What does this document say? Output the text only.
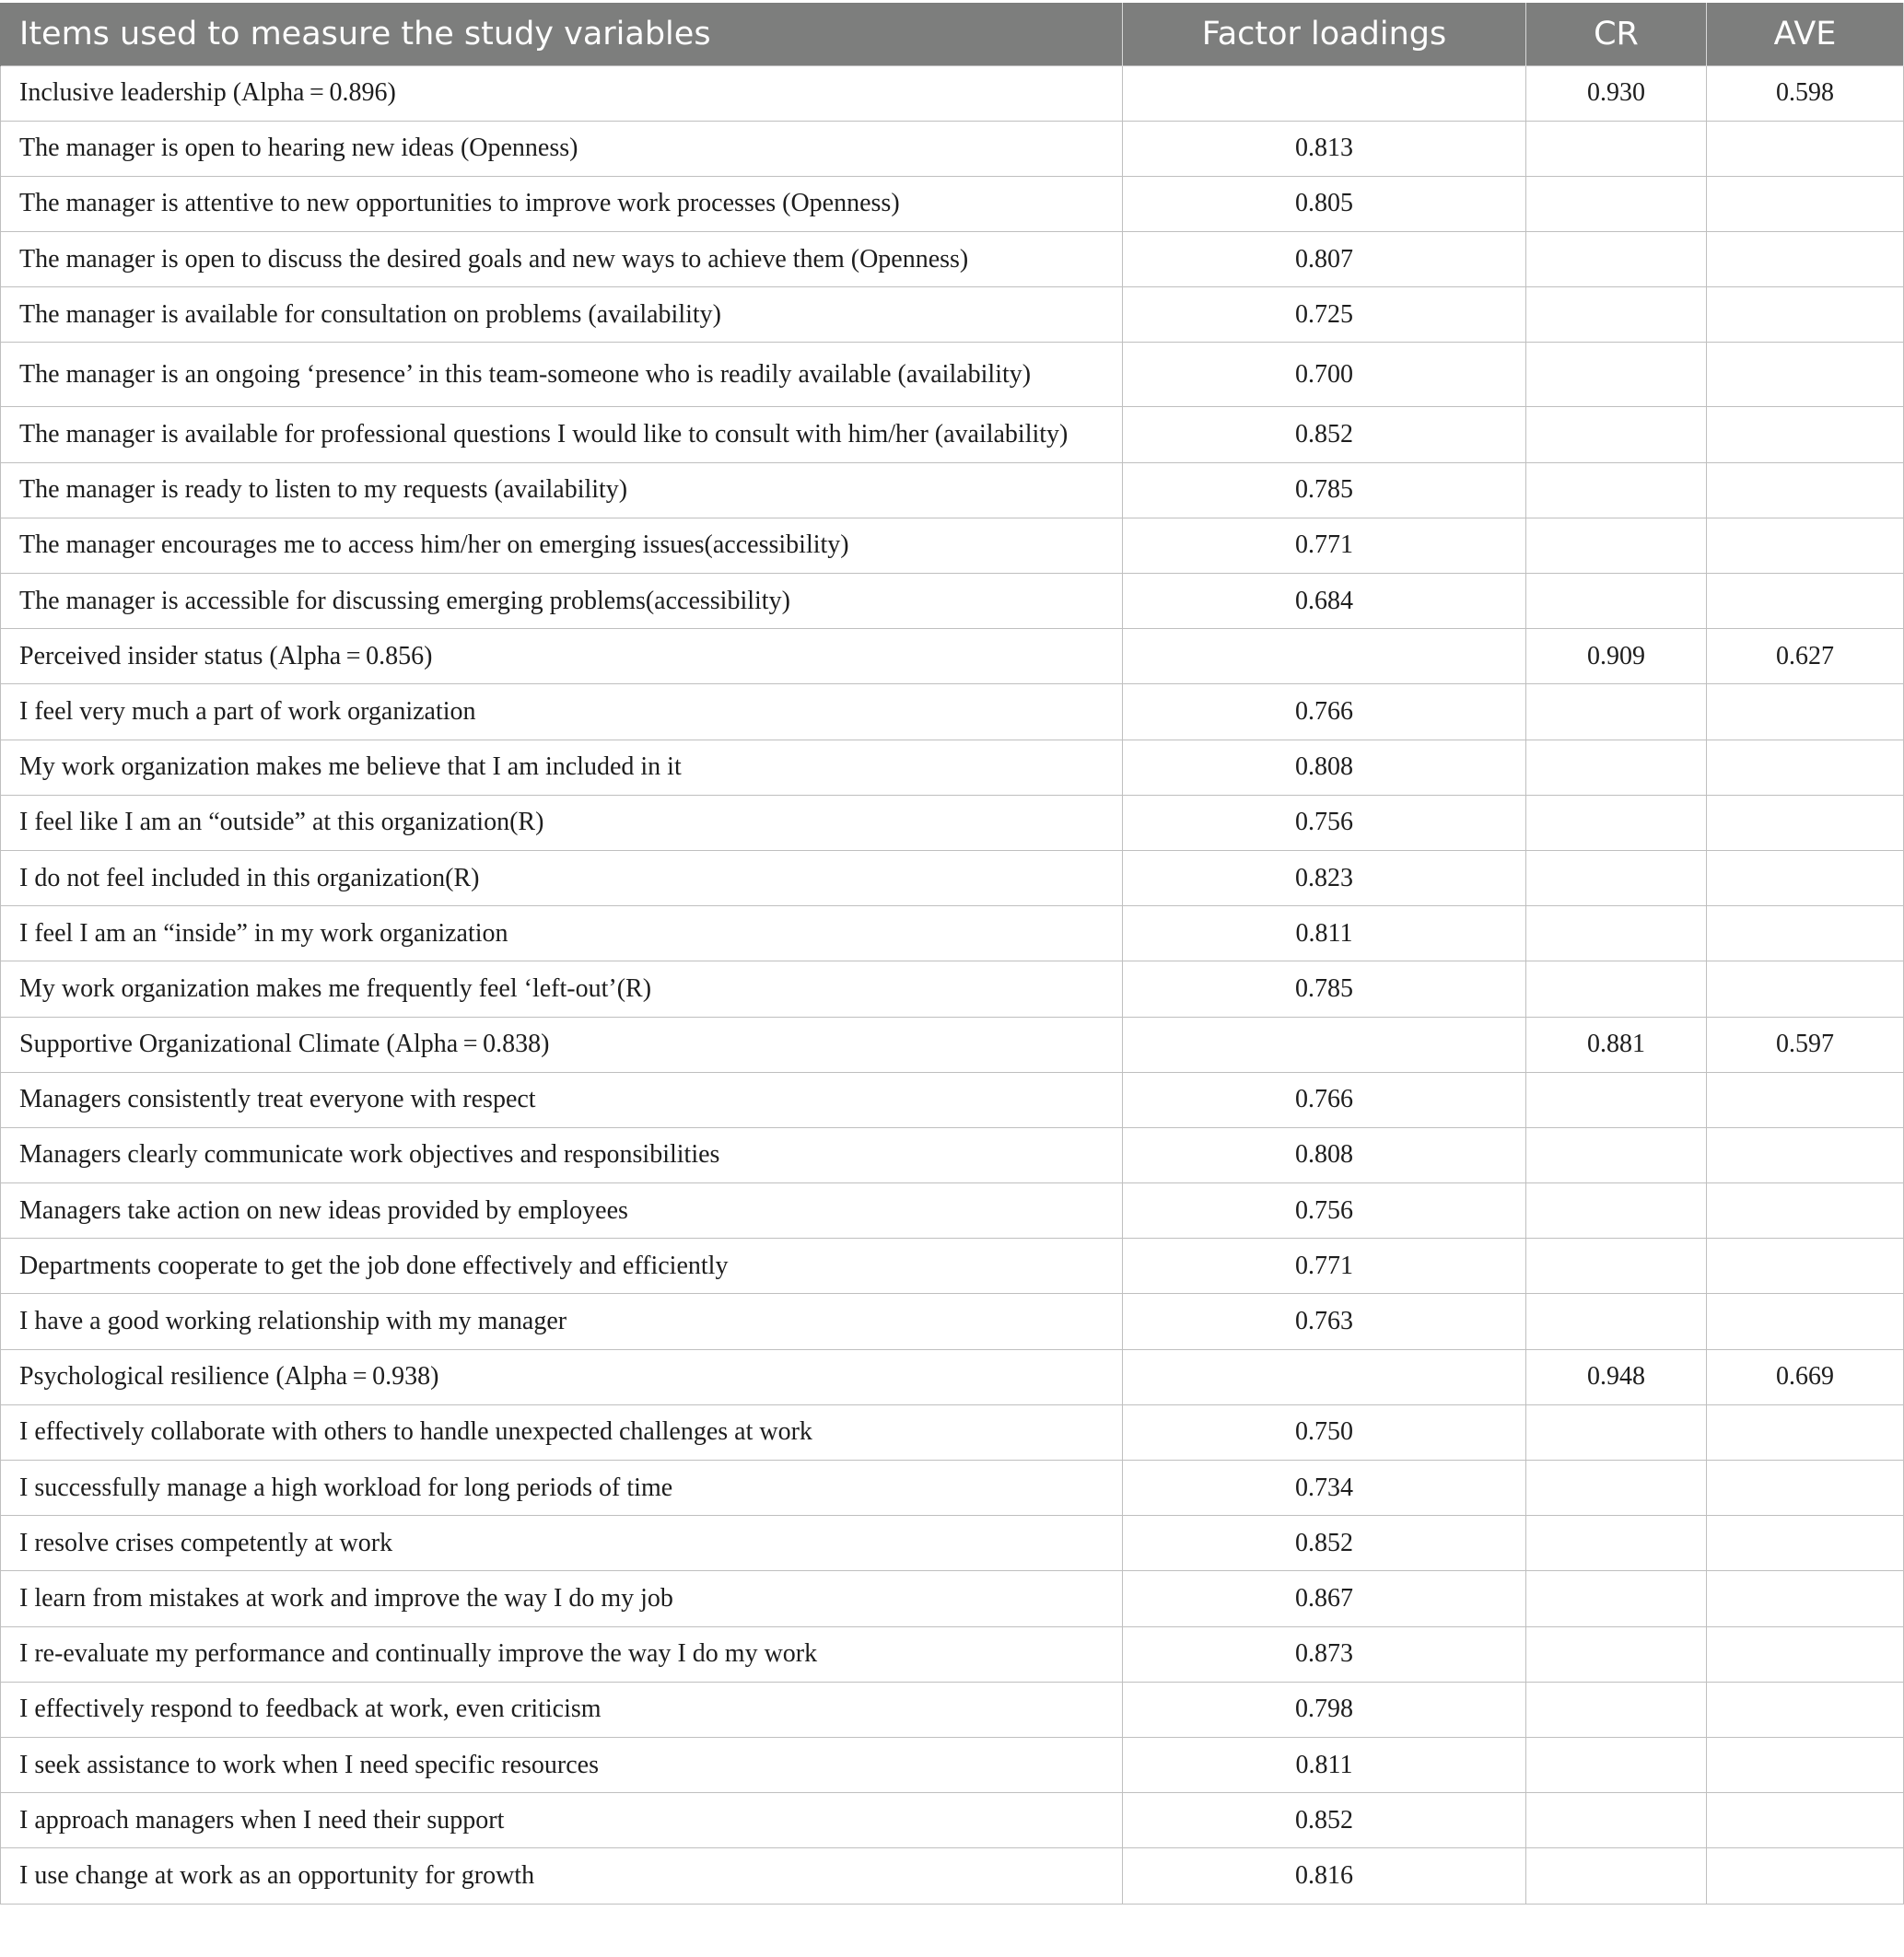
Items used to measure the study variables	Factor loadings	CR	AVE
Inclusive leadership (Alpha = 0.896)		0.930	0.598
The manager is open to hearing new ideas (Openness)	0.813		
The manager is attentive to new opportunities to improve work processes (Openness)	0.805		
The manager is open to discuss the desired goals and new ways to achieve them (Openness)	0.807		
The manager is available for consultation on problems (availability)	0.725		
The manager is an ongoing ‘presence’ in this team-someone who is readily available (availability)	0.700		
The manager is available for professional questions I would like to consult with him/her (availability)	0.852		
The manager is ready to listen to my requests (availability)	0.785		
The manager encourages me to access him/her on emerging issues(accessibility)	0.771		
The manager is accessible for discussing emerging problems(accessibility)	0.684		
Perceived insider status (Alpha = 0.856)		0.909	0.627
I feel very much a part of work organization	0.766		
My work organization makes me believe that I am included in it	0.808		
I feel like I am an “outside” at this organization(R)	0.756		
I do not feel included in this organization(R)	0.823		
I feel I am an “inside” in my work organization	0.811		
My work organization makes me frequently feel ‘left-out’(R)	0.785		
Supportive Organizational Climate (Alpha = 0.838)		0.881	0.597
Managers consistently treat everyone with respect	0.766		
Managers clearly communicate work objectives and responsibilities	0.808		
Managers take action on new ideas provided by employees	0.756		
Departments cooperate to get the job done effectively and efficiently	0.771		
I have a good working relationship with my manager	0.763		
Psychological resilience (Alpha = 0.938)		0.948	0.669
I effectively collaborate with others to handle unexpected challenges at work	0.750		
I successfully manage a high workload for long periods of time	0.734		
I resolve crises competently at work	0.852		
I learn from mistakes at work and improve the way I do my job	0.867		
I re-evaluate my performance and continually improve the way I do my work	0.873		
I effectively respond to feedback at work, even criticism	0.798		
I seek assistance to work when I need specific resources	0.811		
I approach managers when I need their support	0.852		
I use change at work as an opportunity for growth	0.816		
